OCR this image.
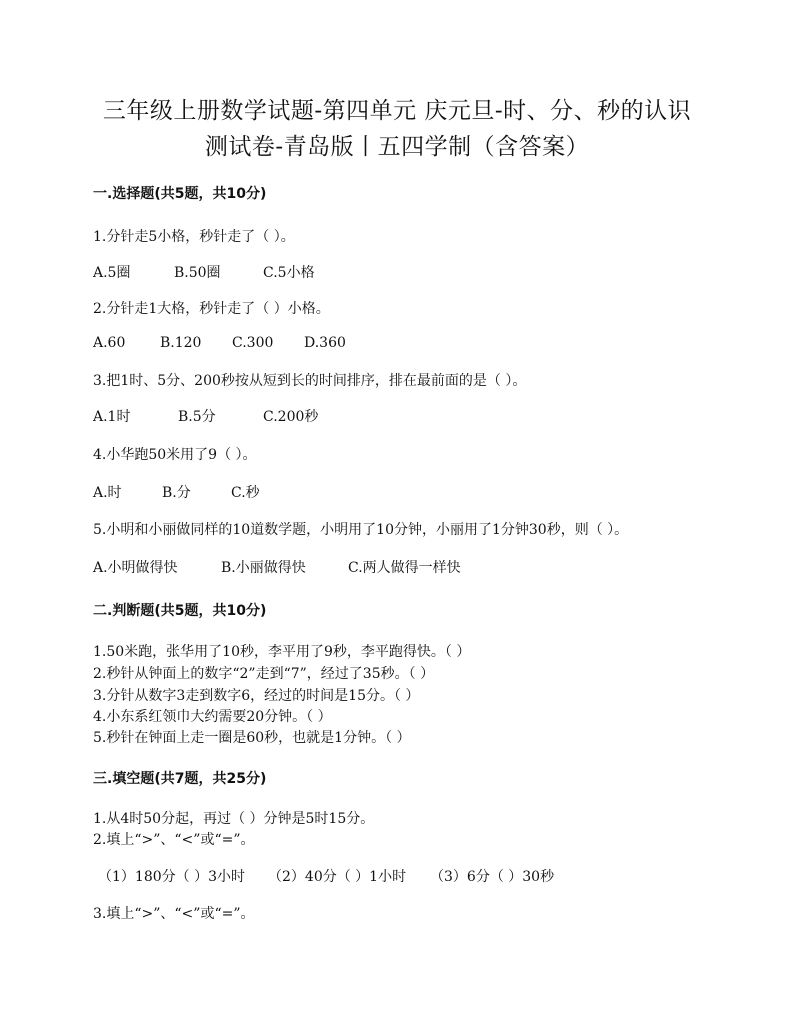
三年级上册数学试题-第四单元 庆元旦-时、分、秒的认识
测试卷-青岛版丨五四学制（含答案）
一.选择题(共5题，共10分)
1.分针走5小格，秒针走了（ ）。
A.5圈	B.50圈	C.5小格
2.分针走1大格，秒针走了（ ）小格。
A.60 B.120 C.300 D.360
3.把1时、5分、200秒按从短到长的时间排序，排在最前面的是（ ）。
A.1时	B.5分	C.200秒
4.小华跑50米用了9（ ）。
A.时	B.分	C.秒
5.小明和小丽做同样的10道数学题，小明用了10分钟，小丽用了1分钟30秒，则（ ）。
A.小明做得快	B.小丽做得快	C.两人做得一样快
二.判断题(共5题，共10分)
1.50米跑，张华用了10秒，李平用了9秒，李平跑得快。（ ）
2.秒针从钟面上的数字“2”走到“7”，经过了35秒。（ ）
3.分针从数字3走到数字6，经过的时间是15分。（ ）
4.小东系红领巾大约需要20分钟。（ ）
5.秒针在钟面上走一圈是60秒，也就是1分钟。（ ）
三.填空题(共7题，共25分)
1.从4时50分起，再过（ ）分钟是5时15分。
2.填上“>”、“<”或“=”。
（1）180分（ ）3小时 （2）40分（ ）1小时 （3）6分（ ）30秒
3.填上“>”、“<”或“=”。
